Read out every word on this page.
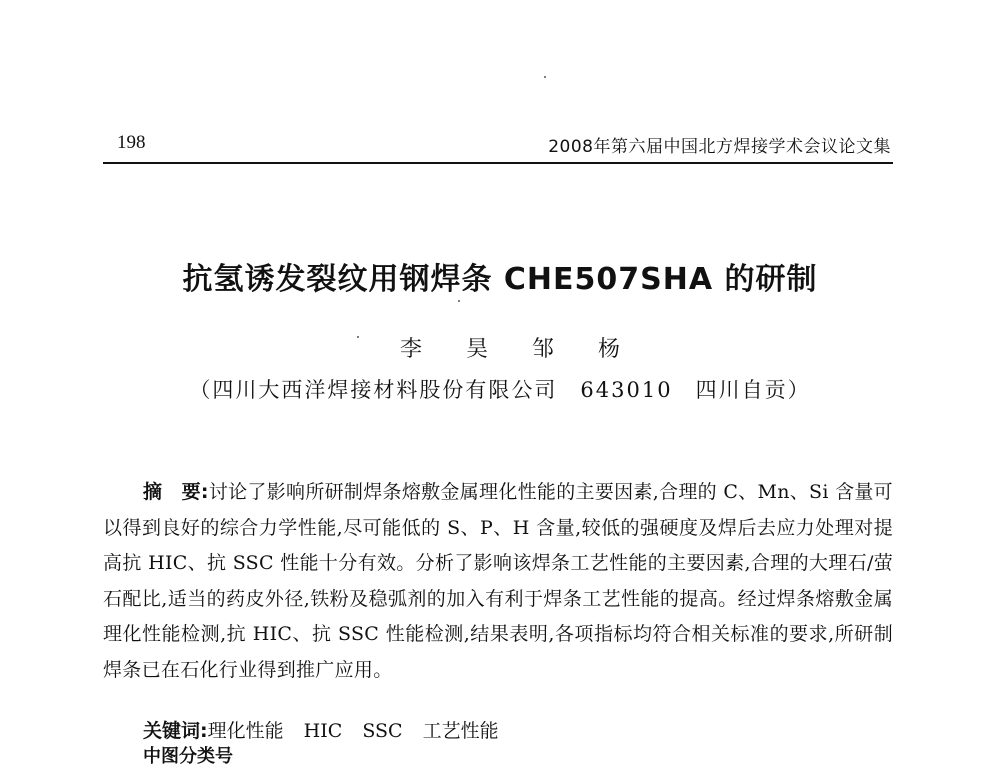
198	2008年第六届中国北方焊接学术会议论文集
抗氢诱发裂纹用钢焊条 CHE507SHA 的研制
李 昊 邹 杨
（四川大西洋焊接材料股份有限公司　643010　四川自贡）
摘　要:讨论了影响所研制焊条熔敷金属理化性能的主要因素,合理的 C、Mn、Si 含量可以得到良好的综合力学性能,尽可能低的 S、P、H 含量,较低的强硬度及焊后去应力处理对提高抗 HIC、抗 SSC 性能十分有效。分析了影响该焊条工艺性能的主要因素,合理的大理石/萤石配比,适当的药皮外径,铁粉及稳弧剂的加入有利于焊条工艺性能的提高。经过焊条熔敷金属理化性能检测,抗 HIC、抗 SSC 性能检测,结果表明,各项指标均符合相关标准的要求,所研制焊条已在石化行业得到推广应用。
关键词:理化性能 HIC SSC 工艺性能
中图分类号
